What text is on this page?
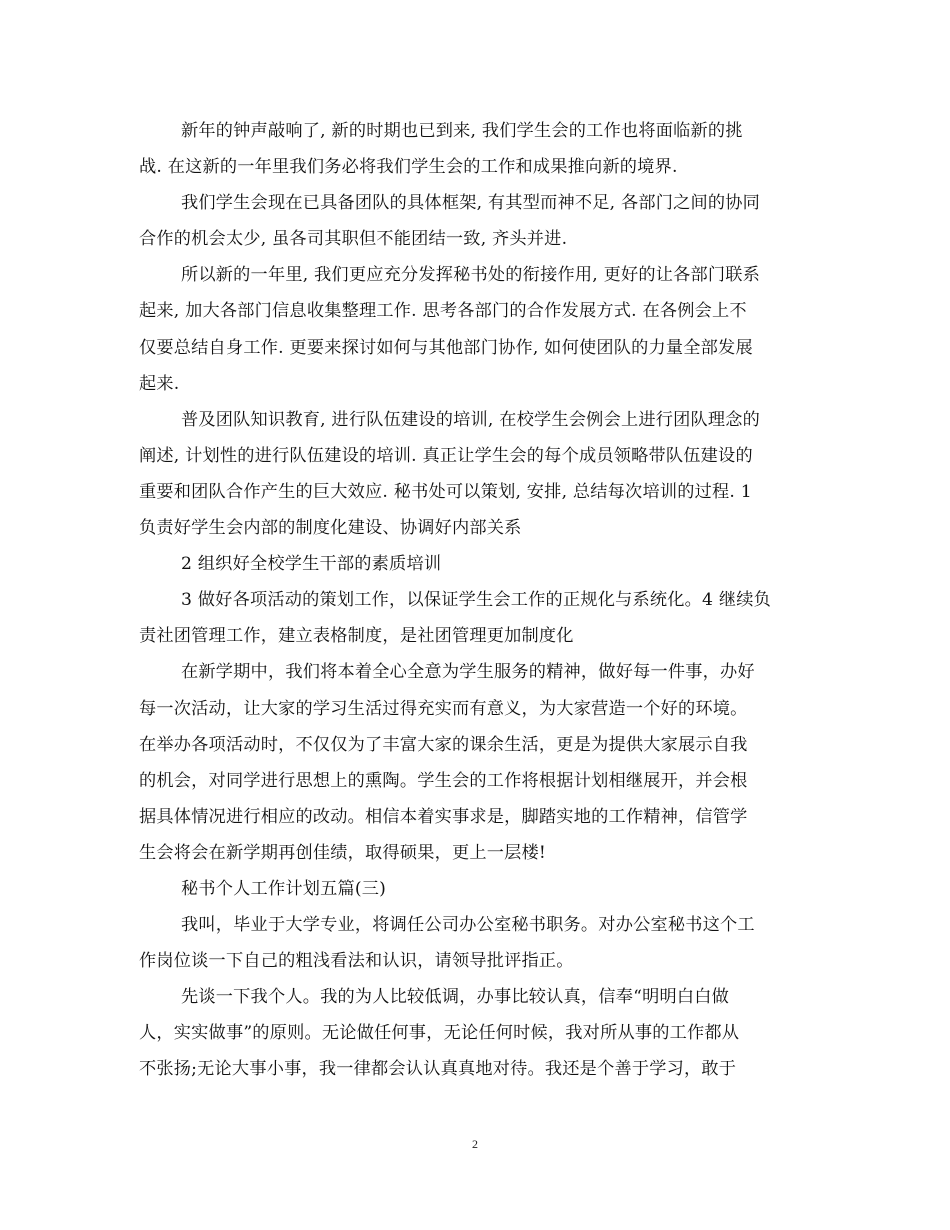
新年的钟声敲响了, 新的时期也已到来, 我们学生会的工作也将面临新的挑
战. 在这新的一年里我们务必将我们学生会的工作和成果推向新的境界.
我们学生会现在已具备团队的具体框架, 有其型而神不足, 各部门之间的协同
合作的机会太少, 虽各司其职但不能团结一致, 齐头并进.
所以新的一年里, 我们更应充分发挥秘书处的衔接作用, 更好的让各部门联系
起来, 加大各部门信息收集整理工作. 思考各部门的合作发展方式. 在各例会上不
仅要总结自身工作. 更要来探讨如何与其他部门协作, 如何使团队的力量全部发展
起来.
普及团队知识教育, 进行队伍建设的培训, 在校学生会例会上进行团队理念的
阐述, 计划性的进行队伍建设的培训. 真正让学生会的每个成员领略带队伍建设的
重要和团队合作产生的巨大效应. 秘书处可以策划, 安排, 总结每次培训的过程. 1
负责好学生会内部的制度化建设、协调好内部关系
2 组织好全校学生干部的素质培训
3 做好各项活动的策划工作，以保证学生会工作的正规化与系统化。4 继续负
责社团管理工作，建立表格制度，是社团管理更加制度化
在新学期中，我们将本着全心全意为学生服务的精神，做好每一件事，办好
每一次活动，让大家的学习生活过得充实而有意义，为大家营造一个好的环境。
在举办各项活动时，不仅仅为了丰富大家的课余生活，更是为提供大家展示自我
的机会，对同学进行思想上的熏陶。学生会的工作将根据计划相继展开，并会根
据具体情况进行相应的改动。相信本着实事求是，脚踏实地的工作精神，信管学
生会将会在新学期再创佳绩，取得硕果，更上一层楼!
秘书个人工作计划五篇(三)
我叫，毕业于大学专业，将调任公司办公室秘书职务。对办公室秘书这个工
作岗位谈一下自己的粗浅看法和认识，请领导批评指正。
先谈一下我个人。我的为人比较低调，办事比较认真，信奉“明明白白做
人，实实做事”的原则。无论做任何事，无论任何时候，我对所从事的工作都从
不张扬;无论大事小事，我一律都会认认真真地对待。我还是个善于学习，敢于
2
